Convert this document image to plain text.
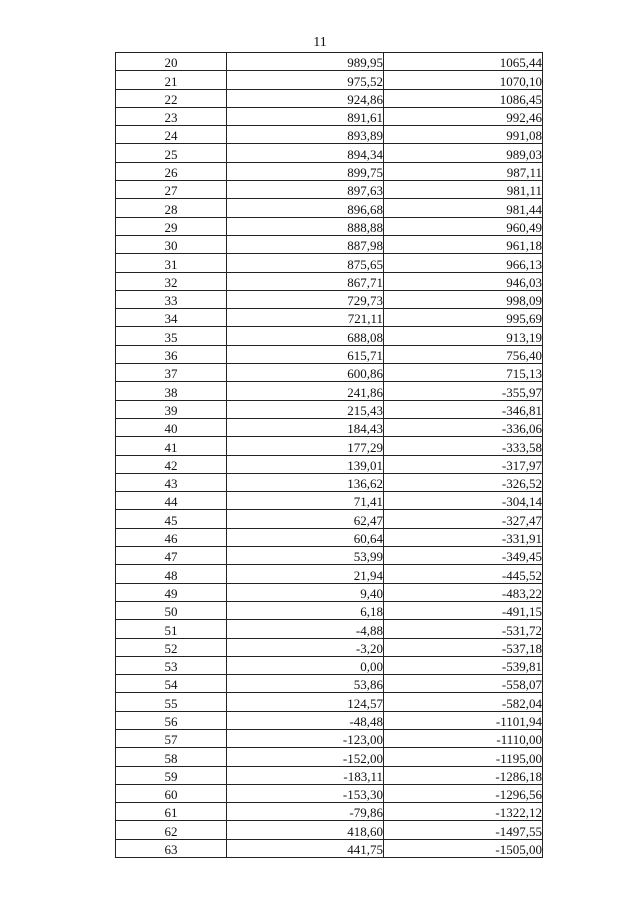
11
20	989,95	1065,44
21	975,52	1070,10
22	924,86	1086,45
23	891,61	992,46
24	893,89	991,08
25	894,34	989,03
26	899,75	987,11
27	897,63	981,11
28	896,68	981,44
29	888,88	960,49
30	887,98	961,18
31	875,65	966,13
32	867,71	946,03
33	729,73	998,09
34	721,11	995,69
35	688,08	913,19
36	615,71	756,40
37	600,86	715,13
38	241,86	-355,97
39	215,43	-346,81
40	184,43	-336,06
41	177,29	-333,58
42	139,01	-317,97
43	136,62	-326,52
44	71,41	-304,14
45	62,47	-327,47
46	60,64	-331,91
47	53,99	-349,45
48	21,94	-445,52
49	9,40	-483,22
50	6,18	-491,15
51	-4,88	-531,72
52	-3,20	-537,18
53	0,00	-539,81
54	53,86	-558,07
55	124,57	-582,04
56	-48,48	-1101,94
57	-123,00	-1110,00
58	-152,00	-1195,00
59	-183,11	-1286,18
60	-153,30	-1296,56
61	-79,86	-1322,12
62	418,60	-1497,55
63	441,75	-1505,00
